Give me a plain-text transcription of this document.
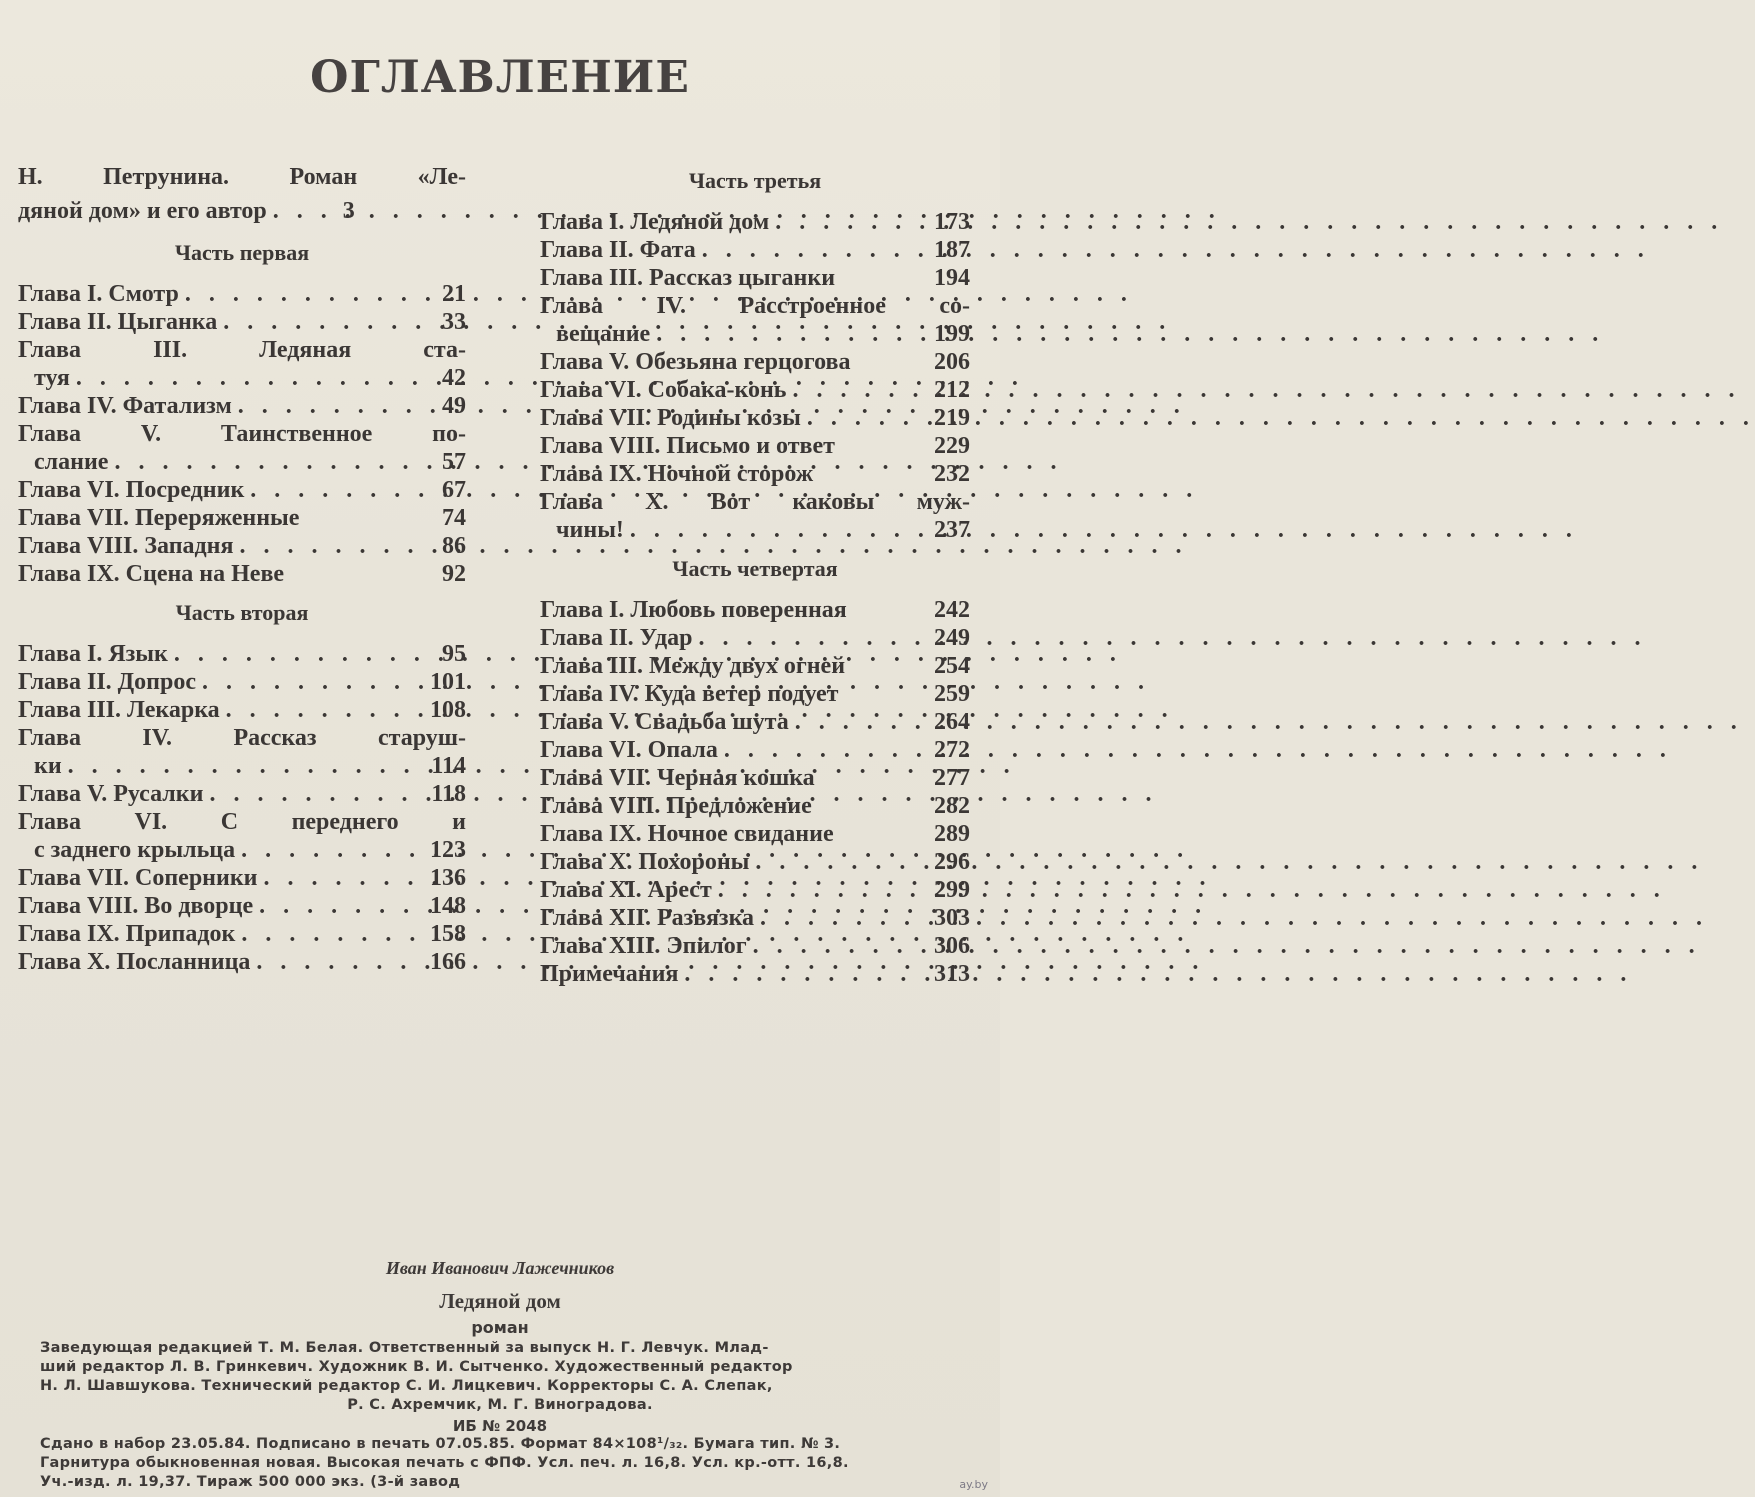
ОГЛАВЛЕНИЕ
Н. Петрунина. Роман «Ле-
дяной дом» и его автор . . .	3
Часть первая
Глава I. Смотр . . .	21
Глава II. Цыганка . . .	33
Глава III. Ледяная ста-
туя . . .	42
Глава IV. Фатализм . . .	49
Глава V. Таинственное по-
слание . . .	57
Глава VI. Посредник . . .	67
Глава VII. Переряженные	74
Глава VIII. Западня . . .	86
Глава IX. Сцена на Неве	92
Часть вторая
Глава I. Язык . . .	95
Глава II. Допрос . . .	101
Глава III. Лекарка . . .	108
Глава IV. Рассказ старуш-
ки . . .	114
Глава V. Русалки . . .	118
Глава VI. С переднего и
с заднего крыльца . . .	123
Глава VII. Соперники . . .	136
Глава VIII. Во дворце . . .	148
Глава IX. Припадок . . .	158
Глава X. Посланница . . .	166
Часть третья
Глава I. Ледяной дом . . .	173
Глава II. Фата . . .	187
Глава III. Рассказ цыганки	194
Глава IV. Расстроенное со-
вещание . . .	199
Глава V. Обезьяна герцогова	206
Глава VI. Собака-конь . . .	212
Глава VII. Родины козы . . .	219
Глава VIII. Письмо и ответ	229
Глава IX. Ночной сторож	232
Глава X. Вот каковы муж-
чины! . . .	237
Часть четвертая
Глава I. Любовь поверенная	242
Глава II. Удар . . .	249
Глава III. Между двух огней	254
Глава IV. Куда ветер подует	259
Глава V. Свадьба шута . . .	264
Глава VI. Опала . . .	272
Глава VII. Черная кошка	277
Глава VIII. Предложение	282
Глава IX. Ночное свидание	289
Глава X. Похороны . . .	296
Глава XI. Арест . . .	299
Глава XII. Развязка . . .	303
Глава XIII. Эпилог . . .	306
Примечания . . .	313
Иван Иванович Лажечников
Ледяной дом
роман
Заведующая редакцией Т. М. Белая. Ответственный за выпуск Н. Г. Левчук. Млад-
ший редактор Л. В. Гринкевич. Художник В. И. Сытченко. Художественный редактор
Н. Л. Шавшукова. Технический редактор С. И. Лицкевич. Корректоры С. А. Слепак,
Р. С. Ахремчик, М. Г. Виноградова.
ИБ № 2048
Сдано в набор 23.05.84. Подписано в печать 07.05.85. Формат 84×108¹/₃₂. Бумага тип. № 3.
Гарнитура обыкновенная новая. Высокая печать с ФПФ. Усл. печ. л. 16,8. Усл. кр.-отт. 16,8.
Уч.-изд. л. 19,37. Тираж 500 000 экз. (3-й завод	ay.by
